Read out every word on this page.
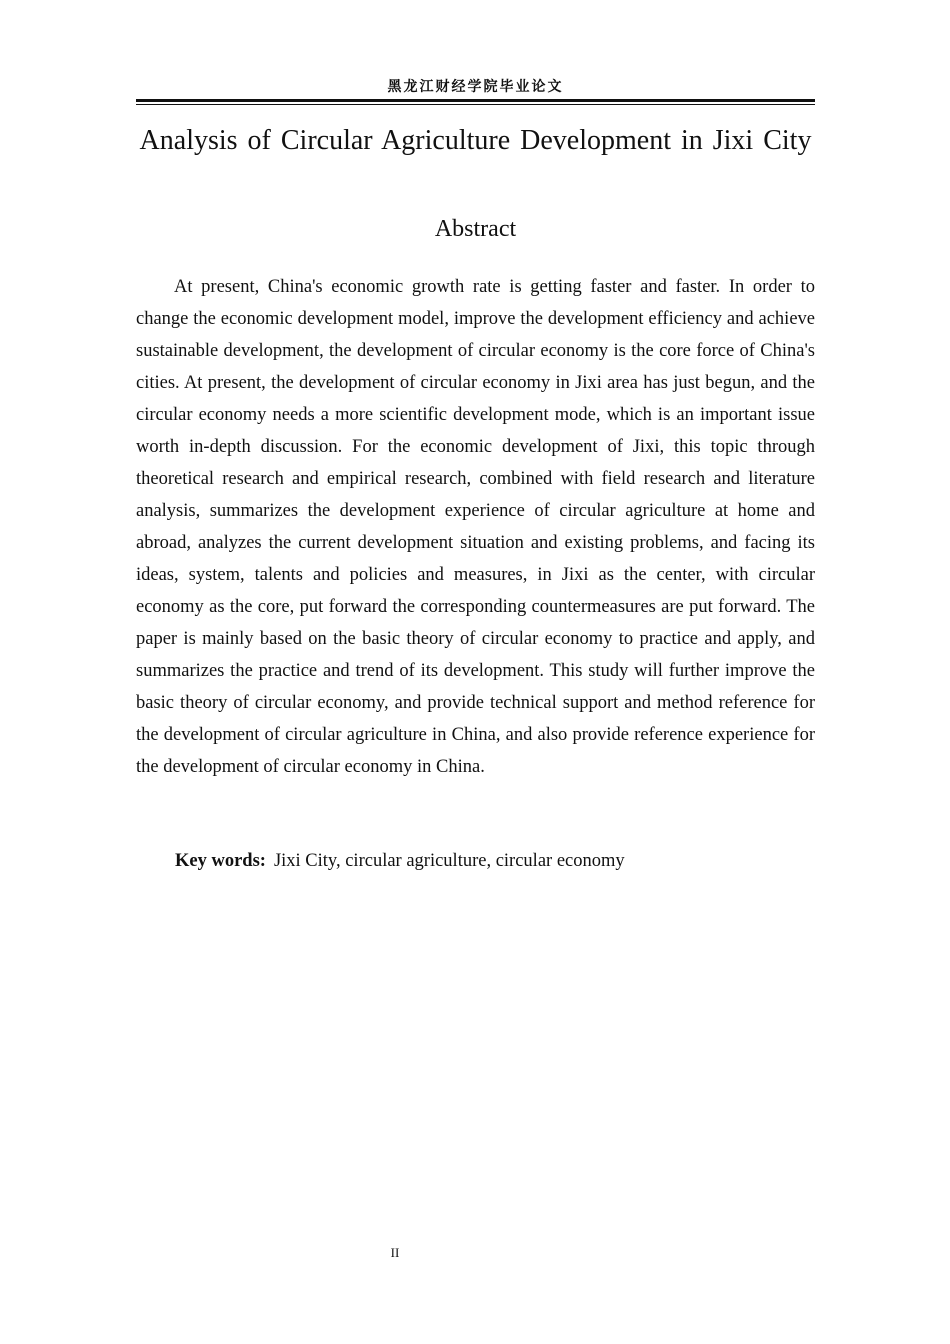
黑龙江财经学院毕业论文
Analysis of Circular Agriculture Development in Jixi City
Abstract

At present, China's economic growth rate is getting faster and faster. In order to change the economic development model, improve the development efficiency and achieve sustainable development, the development of circular economy is the core force of China's cities. At present, the development of circular economy in Jixi area has just begun, and the circular economy needs a more scientific development mode, which is an important issue worth in-depth discussion. For the economic development of Jixi, this topic through theoretical research and empirical research, combined with field research and literature analysis, summarizes the development experience of circular agriculture at home and abroad, analyzes the current development situation and existing problems, and facing its ideas, system, talents and policies and measures, in Jixi as the center, with circular economy as the core, put forward the corresponding countermeasures are put forward. The paper is mainly based on the basic theory of circular economy to practice and apply, and summarizes the practice and trend of its development. This study will further improve the basic theory of circular economy, and provide technical support and method reference for the development of circular agriculture in China, and also provide reference experience for the development of circular economy in China.

Key words: Jixi City, circular agriculture, circular economy

II
